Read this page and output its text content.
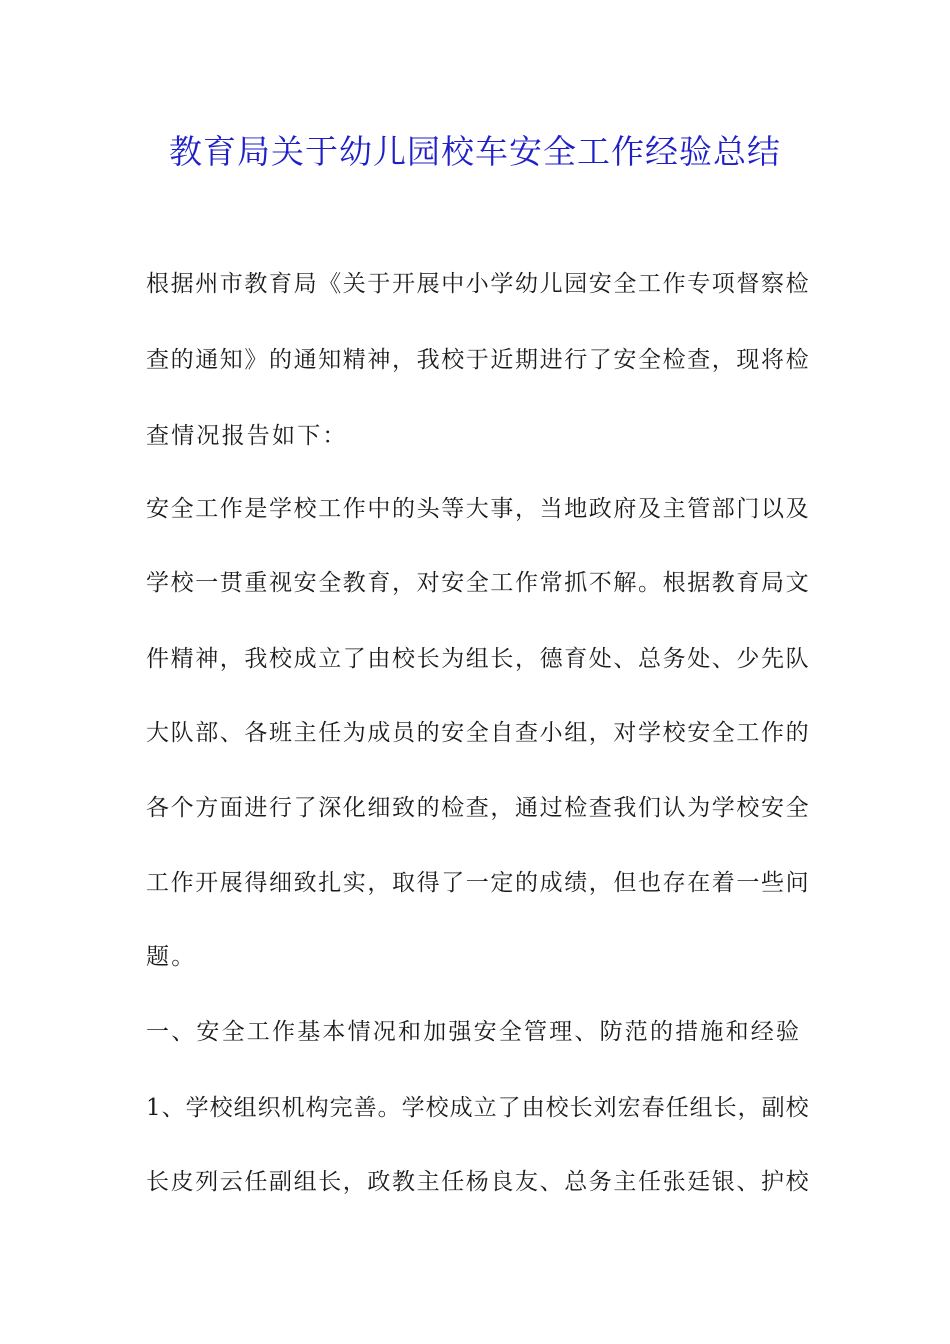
教育局关于幼儿园校车安全工作经验总结
根据州市教育局《关于开展中小学幼儿园安全工作专项督察检
查的通知》的通知精神，我校于近期进行了安全检查，现将检
查情况报告如下：
安全工作是学校工作中的头等大事，当地政府及主管部门以及
学校一贯重视安全教育，对安全工作常抓不解。根据教育局文
件精神，我校成立了由校长为组长，德育处、总务处、少先队
大队部、各班主任为成员的安全自查小组，对学校安全工作的
各个方面进行了深化细致的检查，通过检查我们认为学校安全
工作开展得细致扎实，取得了一定的成绩，但也存在着一些问
题。
一、安全工作基本情况和加强安全管理、防范的措施和经验
1、学校组织机构完善。学校成立了由校长刘宏春任组长，副校
长皮列云任副组长，政教主任杨良友、总务主任张廷银、护校
